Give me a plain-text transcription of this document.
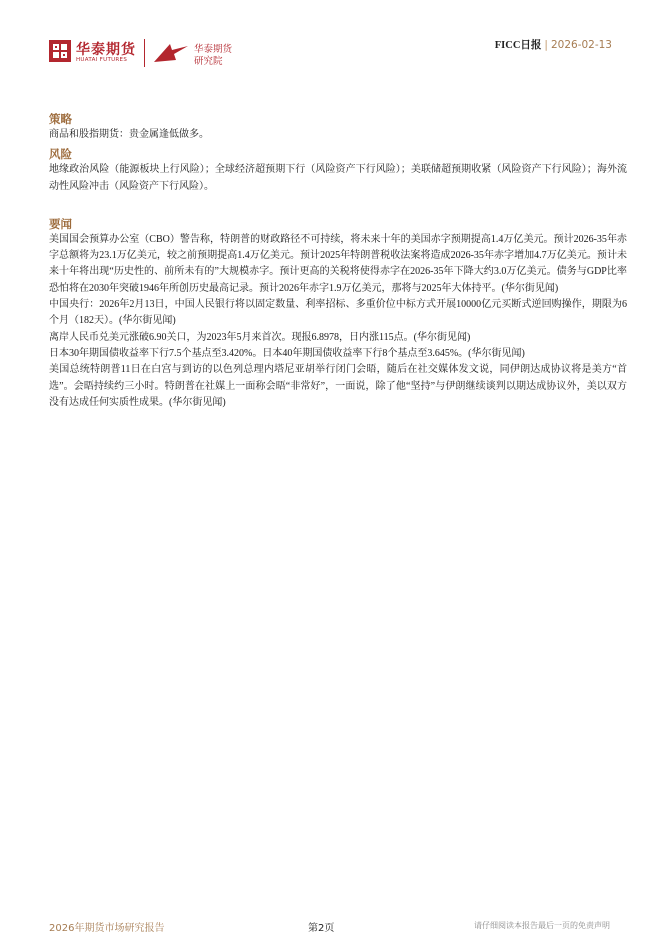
华泰期货
HUATAI FUTURES
华泰期货
研究院
FICC日报 | 2026-02-13
策略
商品和股指期货：贵金属逢低做多。
风险
地缘政治风险（能源板块上行风险）；全球经济超预期下行（风险资产下行风险）；美联储超预期收紧（风险资产下行风险）；海外流动性风险冲击（风险资产下行风险）。
要闻
美国国会预算办公室（CBO）警告称，特朗普的财政路径不可持续，将未来十年的美国赤字预期提高1.4万亿美元。预计2026-35年赤字总额将为23.1万亿美元，较之前预期提高1.4万亿美元。预计2025年特朗普税收法案将造成2026-35年赤字增加4.7万亿美元。预计未来十年将出现“历史性的、前所未有的”大规模赤字。预计更高的关税将使得赤字在2026-35年下降大约3.0万亿美元。债务与GDP比率恐怕将在2030年突破1946年所创历史最高记录。预计2026年赤字1.9万亿美元，那将与2025年大体持平。(华尔街见闻)
中国央行：2026年2月13日，中国人民银行将以固定数量、利率招标、多重价位中标方式开展10000亿元买断式逆回购操作，期限为6个月（182天）。(华尔街见闻)
离岸人民币兑美元涨破6.90关口，为2023年5月来首次。现报6.8978，日内涨115点。(华尔街见闻)
日本30年期国债收益率下行7.5个基点至3.420%。日本40年期国债收益率下行8个基点至3.645%。(华尔街见闻)
美国总统特朗普11日在白宫与到访的以色列总理内塔尼亚胡举行闭门会晤，随后在社交媒体发文说，同伊朗达成协议将是美方“首选”。会晤持续约三小时。特朗普在社媒上一面称会晤“非常好”，一面说，除了他“坚持”与伊朗继续谈判以期达成协议外，美以双方没有达成任何实质性成果。(华尔街见闻)
2026年期货市场研究报告	第2页	请仔细阅读本报告最后一页的免责声明
